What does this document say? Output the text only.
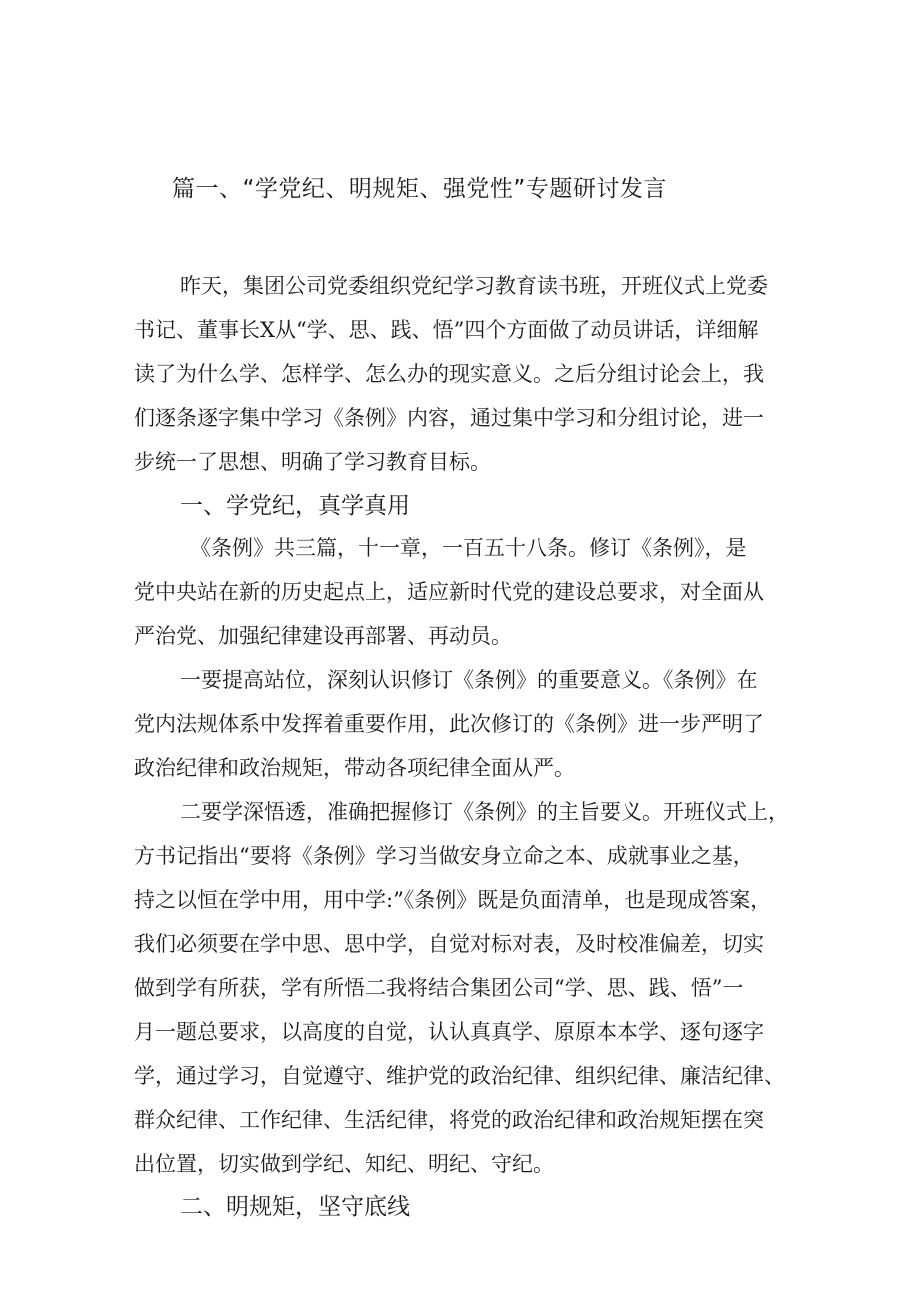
篇一、“学党纪、明规矩、强党性”专题研讨发言
昨天，集团公司党委组织党纪学习教育读书班，开班仪式上党委
书记、董事长X从“学、思、践、悟”四个方面做了动员讲话，详细解
读了为什么学、怎样学、怎么办的现实意义。之后分组讨论会上，我
们逐条逐字集中学习《条例》内容，通过集中学习和分组讨论，进一
步统一了思想、明确了学习教育目标。
一、学党纪，真学真用
《条例》共三篇，十一章，一百五十八条。修订《条例》，是
党中央站在新的历史起点上，适应新时代党的建设总要求，对全面从
严治党、加强纪律建设再部署、再动员。
一要提高站位，深刻认识修订《条例》的重要意义。《条例》在
党内法规体系中发挥着重要作用，此次修订的《条例》进一步严明了
政治纪律和政治规矩，带动各项纪律全面从严。
二要学深悟透，准确把握修订《条例》的主旨要义。开班仪式上，
方书记指出“要将《条例》学习当做安身立命之本、成就事业之基，
持之以恒在学中用，用中学:”《条例》既是负面清单，也是现成答案，
我们必须要在学中思、思中学，自觉对标对表，及时校准偏差，切实
做到学有所获，学有所悟二我将结合集团公司“学、思、践、悟”一
月一题总要求，以高度的自觉，认认真真学、原原本本学、逐句逐字
学，通过学习，自觉遵守、维护党的政治纪律、组织纪律、廉洁纪律、
群众纪律、工作纪律、生活纪律，将党的政治纪律和政治规矩摆在突
出位置，切实做到学纪、知纪、明纪、守纪。
二、明规矩，坚守底线
